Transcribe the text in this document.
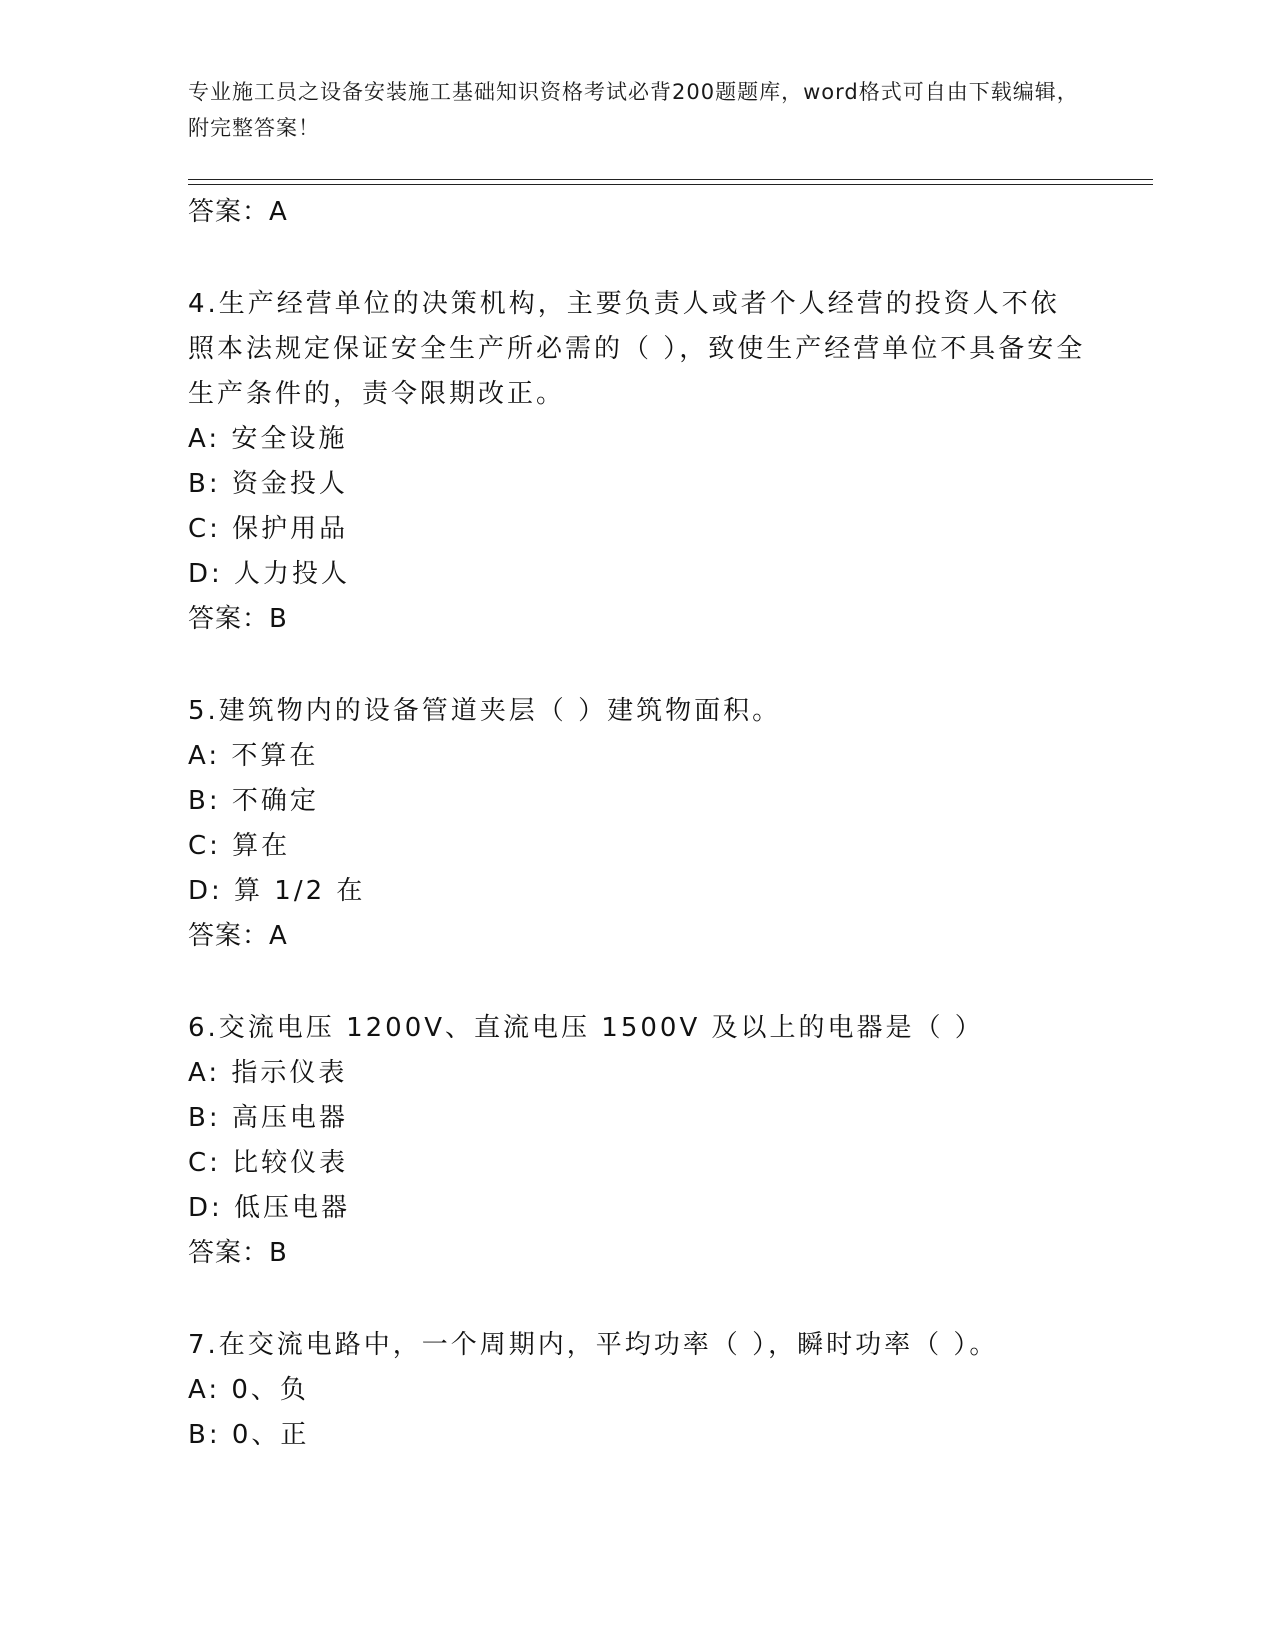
专业施工员之设备安装施工基础知识资格考试必背200题题库，word格式可自由下载编辑，附完整答案！
答案：A

4.生产经营单位的决策机构，主要负责人或者个人经营的投资人不依照本法规定保证安全生产所必需的（ ），致使生产经营单位不具备安全生产条件的，责令限期改正。

A: 安全设施
B: 资金投人
C: 保护用品
D: 人力投人
答案：B

5.建筑物内的设备管道夹层（ ）建筑物面积。

A: 不算在
B: 不确定
C: 算在
D: 算 1/2 在
答案：A

6.交流电压 1200V、直流电压 1500V 及以上的电器是（ ）

A: 指示仪表
B: 高压电器
C: 比较仪表
D: 低压电器
答案：B

7.在交流电路中，一个周期内，平均功率（ ），瞬时功率（ ）。

A: 0、负
B: 0、正
